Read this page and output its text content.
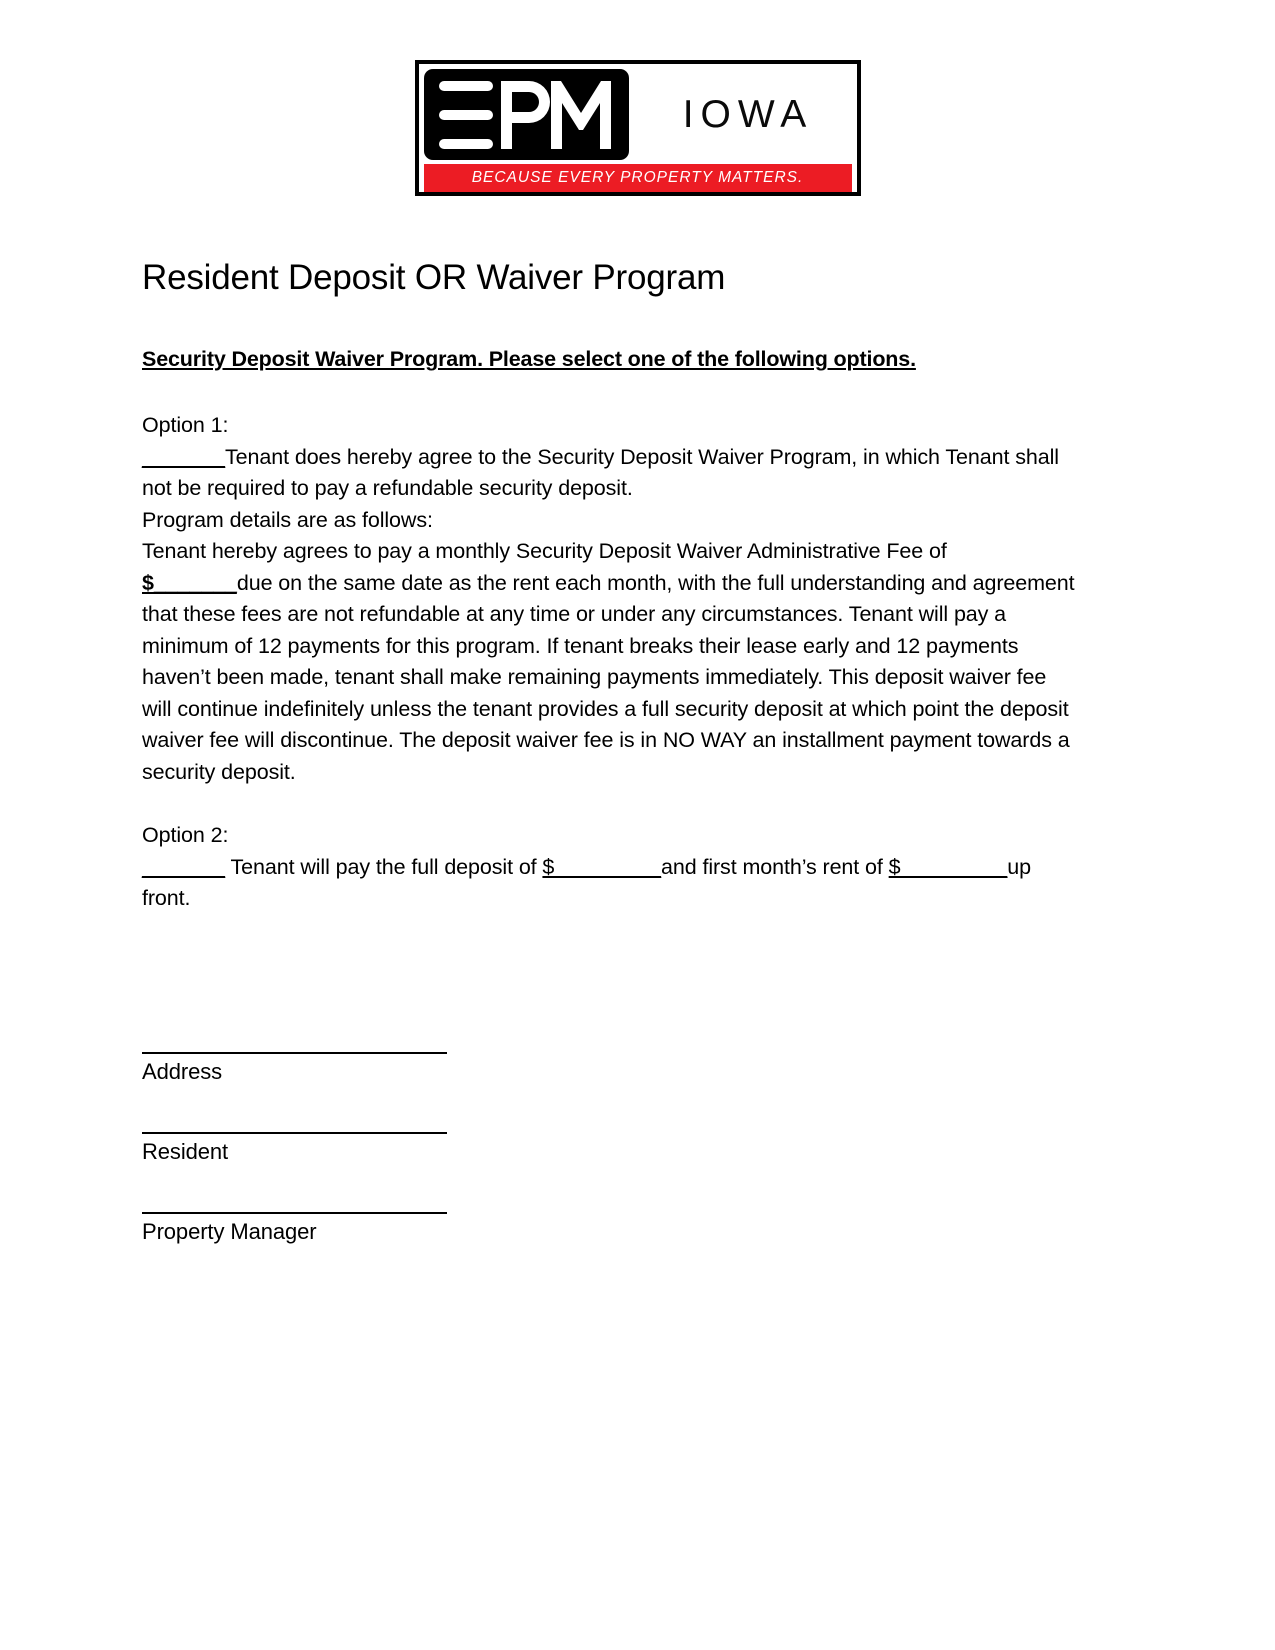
IOWA
BECAUSE EVERY PROPERTY MATTERS.
Resident Deposit OR Waiver Program
Security Deposit Waiver Program. Please select one of the following options.
Option 1:
_______Tenant does hereby agree to the Security Deposit Waiver Program, in which Tenant shall not be required to pay a refundable security deposit.
Program details are as follows:
Tenant hereby agrees to pay a monthly Security Deposit Waiver Administrative Fee of $_______due on the same date as the rent each month, with the full understanding and agreement that these fees are not refundable at any time or under any circumstances. Tenant will pay a minimum of 12 payments for this program. If tenant breaks their lease early and 12 payments haven’t been made, tenant shall make remaining payments immediately. This deposit waiver fee will continue indefinitely unless the tenant provides a full security deposit at which point the deposit waiver fee will discontinue. The deposit waiver fee is in NO WAY an installment payment towards a security deposit.
Option 2:
_______ Tenant will pay the full deposit of $_________and first month’s rent of $_________up front.
Address
Resident
Property Manager
